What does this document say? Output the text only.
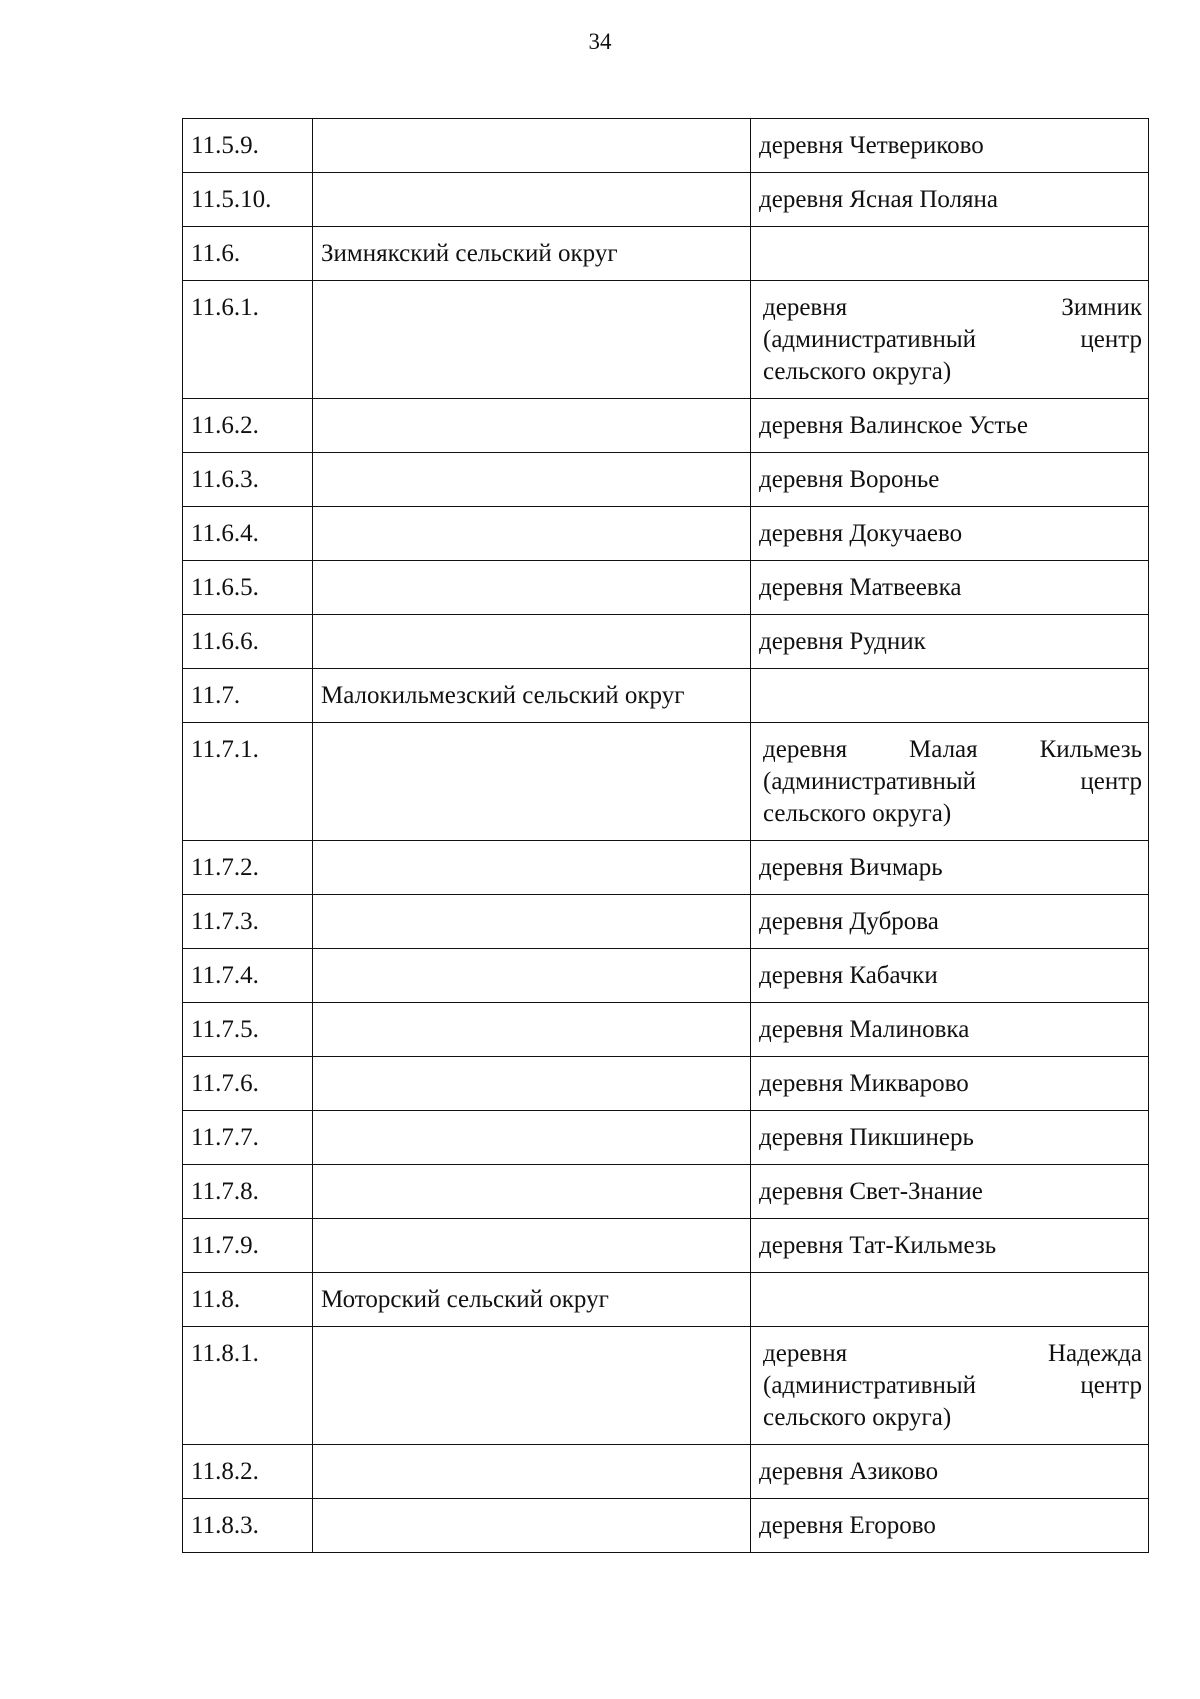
34
11.5.9.		деревня Четвериково
11.5.10.		деревня Ясная Поляна
11.6.	Зимнякский сельский округ	
11.6.1.		деревня Зимник (административный центр сельского округа)
11.6.2.		деревня Валинское Устье
11.6.3.		деревня Воронье
11.6.4.		деревня Докучаево
11.6.5.		деревня Матвеевка
11.6.6.		деревня Рудник
11.7.	Малокильмезский сельский округ	
11.7.1.		деревня Малая Кильмезь (административный центр сельского округа)
11.7.2.		деревня Вичмарь
11.7.3.		деревня Дуброва
11.7.4.		деревня Кабачки
11.7.5.		деревня Малиновка
11.7.6.		деревня Микварово
11.7.7.		деревня Пикшинерь
11.7.8.		деревня Свет-Знание
11.7.9.		деревня Тат-Кильмезь
11.8.	Моторский сельский округ	
11.8.1.		деревня Надежда (административный центр сельского округа)
11.8.2.		деревня Азиково
11.8.3.		деревня Егорово
